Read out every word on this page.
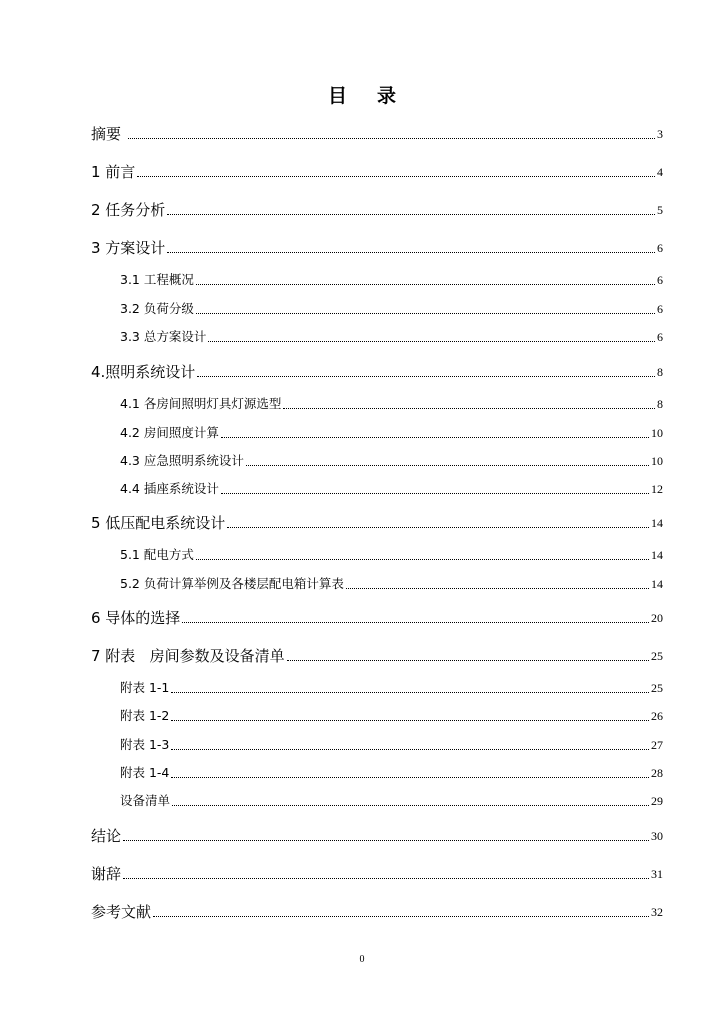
目录
摘要	3
1 前言	4
2 任务分析	5
3 方案设计	6
3.1 工程概况	6
3.2 负荷分级	6
3.3 总方案设计	6
4.照明系统设计	8
4.1 各房间照明灯具灯源选型	8
4.2 房间照度计算	10
4.3 应急照明系统设计	10
4.4 插座系统设计	12
5 低压配电系统设计	14
5.1 配电方式	14
5.2 负荷计算举例及各楼层配电箱计算表	14
6 导体的选择	20
7 附表   房间参数及设备清单	25
附表 1-1	25
附表 1-2	26
附表 1-3	27
附表 1-4	28
设备清单	29
结论	30
谢辞	31
参考文献	32
0
